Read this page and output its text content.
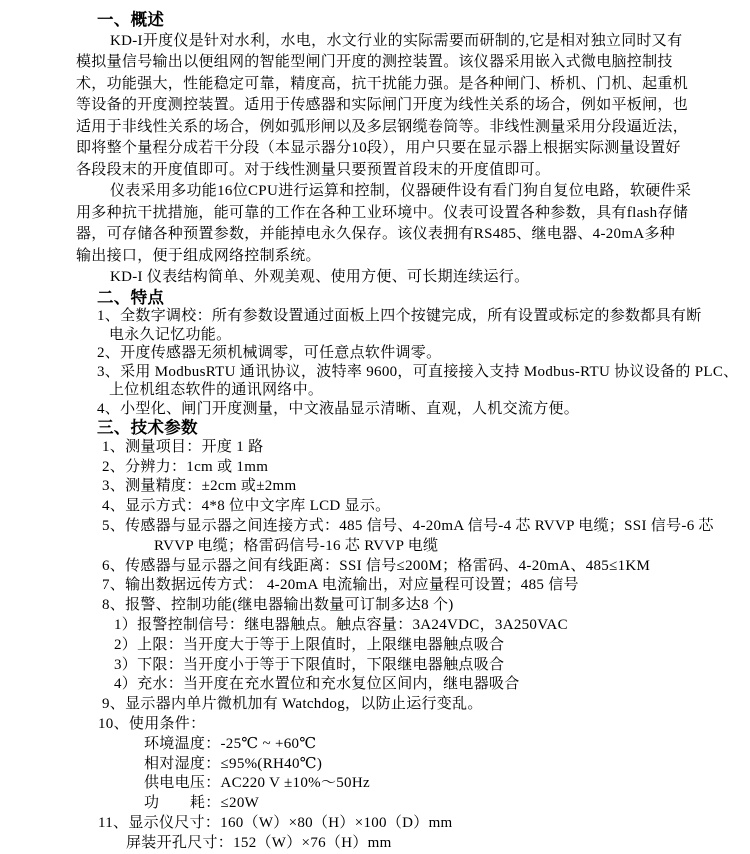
一、概述
KD-I开度仪是针对水利，水电，水文行业的实际需要而研制的,它是相对独立同时又有
模拟量信号输出以便组网的智能型闸门开度的测控装置。该仪器采用嵌入式微电脑控制技
术，功能强大，性能稳定可靠，精度高，抗干扰能力强。是各种闸门、桥机、门机、起重机
等设备的开度测控装置。适用于传感器和实际闸门开度为线性关系的场合，例如平板闸，也
适用于非线性关系的场合，例如弧形闸以及多层钢缆卷筒等。非线性测量采用分段逼近法，
即将整个量程分成若干分段（本显示器分10段），用户只要在显示器上根据实际测量设置好
各段段末的开度值即可。对于线性测量只要预置首段末的开度值即可。
仪表采用多功能16位CPU进行运算和控制，仪器硬件设有看门狗自复位电路，软硬件采
用多种抗干扰措施，能可靠的工作在各种工业环境中。仪表可设置各种参数，具有flash存储
器，可存储各种预置参数，并能掉电永久保存。该仪表拥有RS485、继电器、4-20mA多种
输出接口，便于组成网络控制系统。
KD-I 仪表结构简单、外观美观、使用方便、可长期连续运行。
二、特点
1、全数字调校：所有参数设置通过面板上四个按键完成，所有设置或标定的参数都具有断
电永久记忆功能。
2、开度传感器无须机械调零，可任意点软件调零。
3、采用 ModbusRTU 通讯协议，波特率 9600，可直接接入支持 Modbus-RTU 协议设备的 PLC、
上位机组态软件的通讯网络中。
4、小型化、闸门开度测量，中文液晶显示清晰、直观，人机交流方便。
三、技术参数
1、测量项目：开度 1 路
2、分辨力：1cm 或 1mm
3、测量精度：±2cm 或±2mm
4、显示方式：4*8 位中文字库 LCD 显示。
5、传感器与显示器之间连接方式：485 信号、4-20mA 信号-4 芯 RVVP 电缆；SSI 信号-6 芯
RVVP 电缆；格雷码信号-16 芯 RVVP 电缆
6、传感器与显示器之间有线距离：SSI 信号≤200M；格雷码、4-20mA、485≤1KM
7、输出数据远传方式： 4-20mA 电流输出，对应量程可设置；485 信号
8、报警、控制功能(继电器输出数量可订制多达8 个)
1）报警控制信号：继电器触点。触点容量：3A24VDC，3A250VAC
2）上限：当开度大于等于上限值时，上限继电器触点吸合
3）下限：当开度小于等于下限值时，下限继电器触点吸合
4）充水：当开度在充水置位和充水复位区间内，继电器吸合
9、显示器内单片微机加有 Watchdog，以防止运行变乱。
10、使用条件：
环境温度：-25℃ ~ +60℃
相对湿度：≤95%(RH40℃)
供电电压：AC220 V ±10%～50Hz
功　　耗：≤20W
11、显示仪尺寸：160（W）×80（H）×100（D）mm
屏装开孔尺寸：152（W）×76（H）mm
